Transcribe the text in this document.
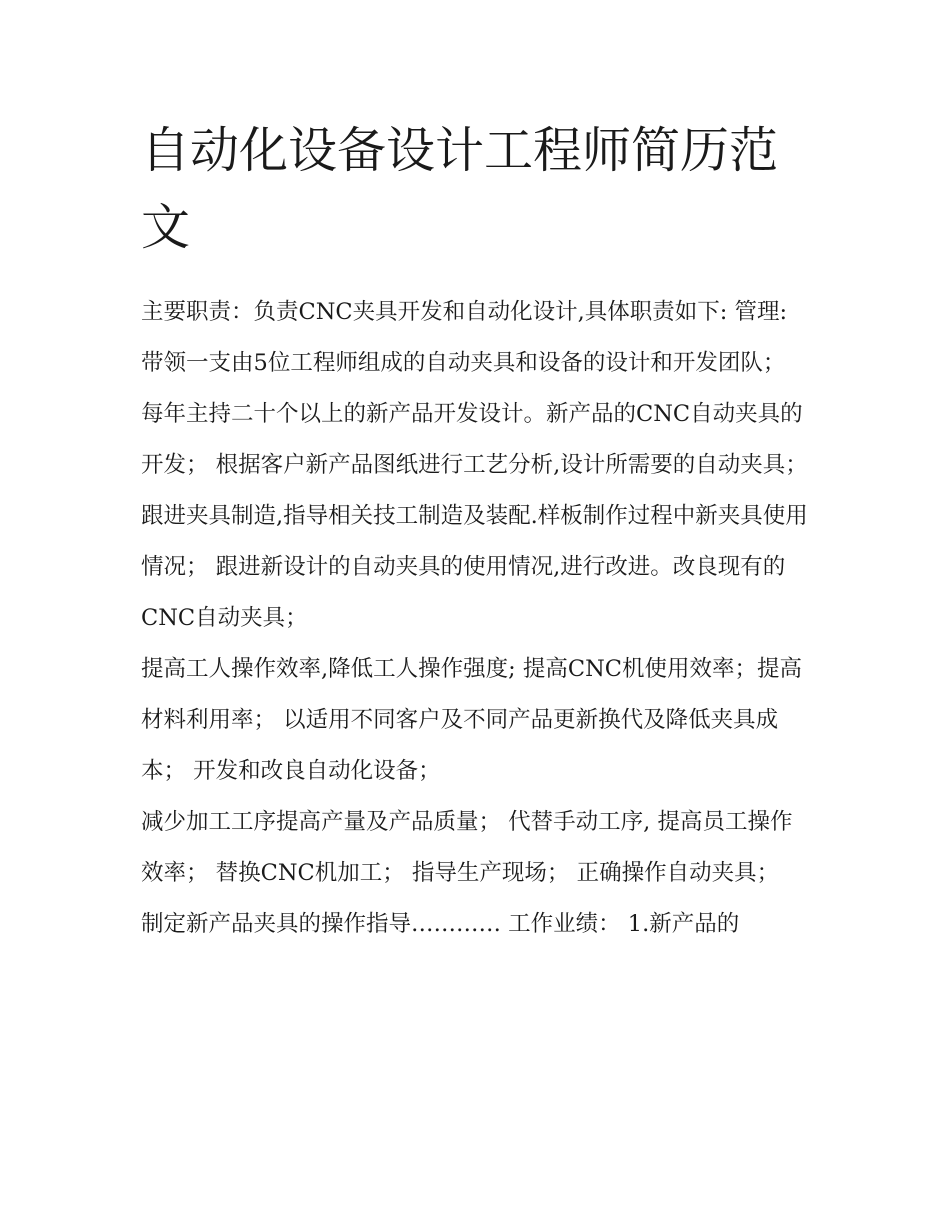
自动化设备设计工程师简历范文

主要职责：负责CNC夹具开发和自动化设计,具体职责如下: 管理: 带领一支由5位工程师组成的自动夹具和设备的设计和开发团队；

每年主持二十个以上的新产品开发设计。新产品的CNC自动夹具的开发； 根据客户新产品图纸进行工艺分析,设计所需要的自动夹具；

跟进夹具制造,指导相关技工制造及装配.样板制作过程中新夹具使用情况； 跟进新设计的自动夹具的使用情况,进行改进。改良现有的CNC自动夹具；

提高工人操作效率,降低工人操作强度; 提高CNC机使用效率；提高材料利用率； 以适用不同客户及不同产品更新换代及降低夹具成本； 开发和改良自动化设备；

减少加工工序提高产量及产品质量； 代替手动工序, 提高员工操作效率； 替换CNC机加工； 指导生产现场； 正确操作自动夹具；

制定新产品夹具的操作指导………… 工作业绩： 1.新产品的
